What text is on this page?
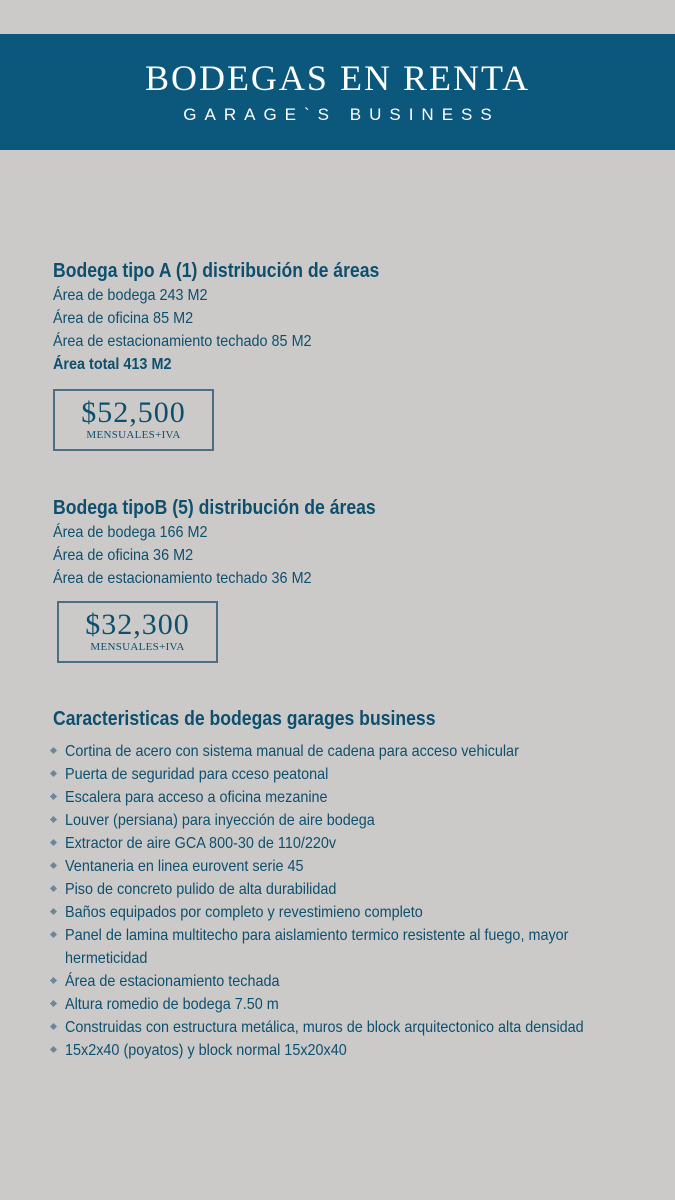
BODEGAS EN RENTA
GARAGE`S BUSINESS
Bodega tipo A (1) distribución de áreas
Área de bodega 243 M2
Área de oficina 85 M2
Área de estacionamiento techado 85 M2
Área total 413 M2
$52,500
MENSUALES+IVA
Bodega tipoB (5) distribución de áreas
Área de bodega 166 M2
Área de oficina 36 M2
Área de estacionamiento techado 36 M2
$32,300
MENSUALES+IVA
Caracteristicas de bodegas garages business
Cortina de acero con sistema manual de cadena para acceso vehicular
Puerta de seguridad para cceso peatonal
Escalera para acceso a oficina mezanine
Louver (persiana) para inyección de aire bodega
Extractor de aire GCA 800-30 de 110/220v
Ventaneria en linea eurovent serie 45
Piso de concreto pulido de alta durabilidad
Baños equipados por completo y revestimieno completo
Panel de lamina multitecho para aislamiento termico resistente al fuego, mayor hermeticidad
Área de estacionamiento techada
Altura romedio de bodega 7.50 m
Construidas con estructura metálica, muros de block arquitectonico alta densidad
15x2x40 (poyatos) y block normal 15x20x40
